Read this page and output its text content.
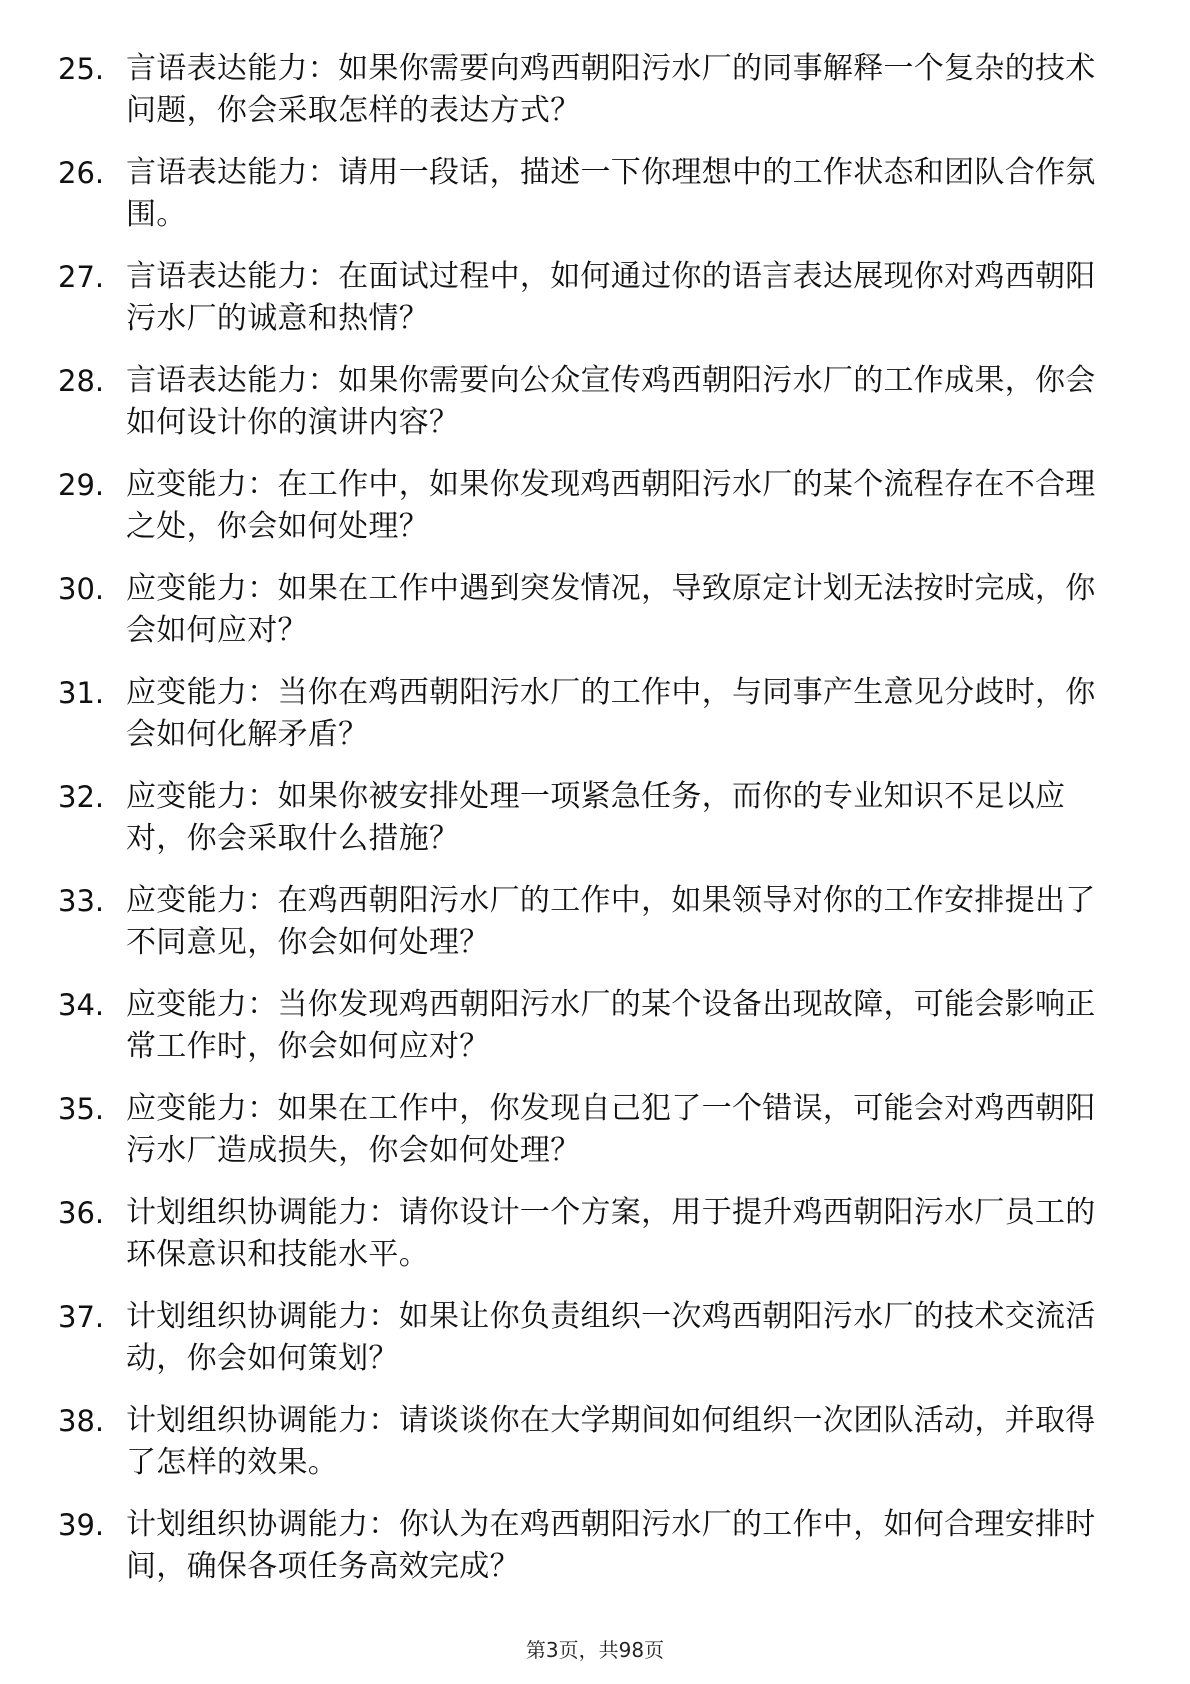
25. 言语表达能力：如果你需要向鸡西朝阳污水厂的同事解释一个复杂的技术问题，你会采取怎样的表达方式？
26. 言语表达能力：请用一段话，描述一下你理想中的工作状态和团队合作氛围。
27. 言语表达能力：在面试过程中，如何通过你的语言表达展现你对鸡西朝阳污水厂的诚意和热情？
28. 言语表达能力：如果你需要向公众宣传鸡西朝阳污水厂的工作成果，你会如何设计你的演讲内容？
29. 应变能力：在工作中，如果你发现鸡西朝阳污水厂的某个流程存在不合理之处，你会如何处理？
30. 应变能力：如果在工作中遇到突发情况，导致原定计划无法按时完成，你会如何应对？
31. 应变能力：当你在鸡西朝阳污水厂的工作中，与同事产生意见分歧时，你会如何化解矛盾？
32. 应变能力：如果你被安排处理一项紧急任务，而你的专业知识不足以应对，你会采取什么措施？
33. 应变能力：在鸡西朝阳污水厂的工作中，如果领导对你的工作安排提出了不同意见，你会如何处理？
34. 应变能力：当你发现鸡西朝阳污水厂的某个设备出现故障，可能会影响正常工作时，你会如何应对？
35. 应变能力：如果在工作中，你发现自己犯了一个错误，可能会对鸡西朝阳污水厂造成损失，你会如何处理？
36. 计划组织协调能力：请你设计一个方案，用于提升鸡西朝阳污水厂员工的环保意识和技能水平。
37. 计划组织协调能力：如果让你负责组织一次鸡西朝阳污水厂的技术交流活动，你会如何策划？
38. 计划组织协调能力：请谈谈你在大学期间如何组织一次团队活动，并取得了怎样的效果。
39. 计划组织协调能力：你认为在鸡西朝阳污水厂的工作中，如何合理安排时间，确保各项任务高效完成？
第3页，共98页
